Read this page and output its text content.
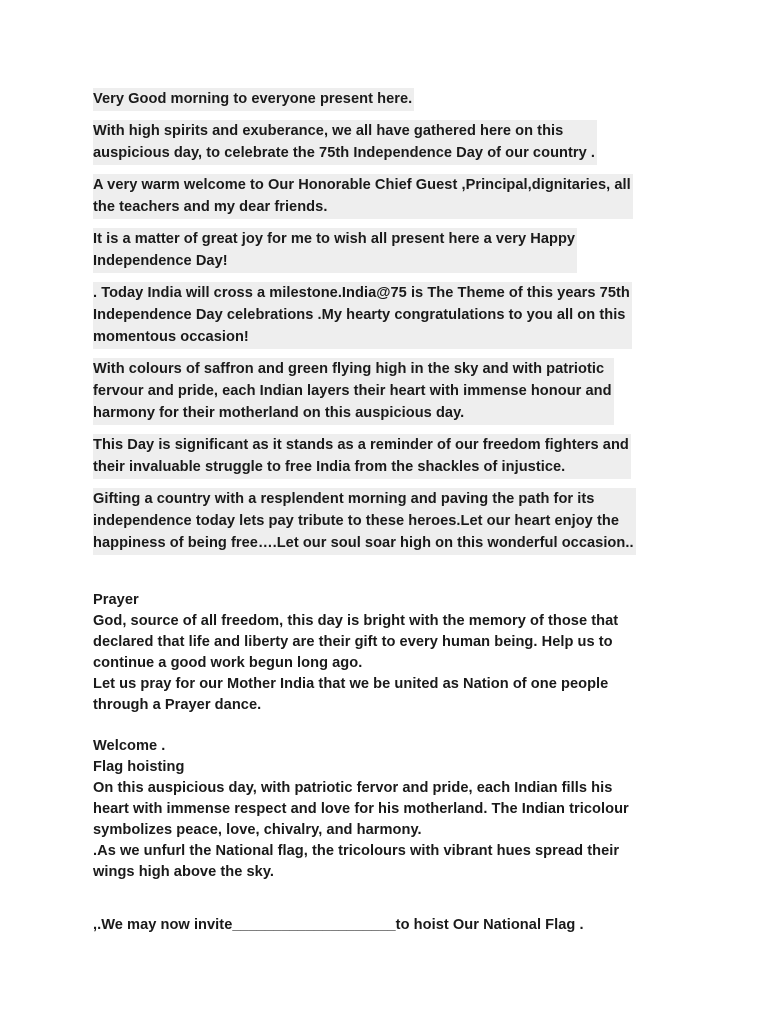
Very Good morning to everyone present here.
With high spirits and exuberance, we all have gathered here on this
auspicious day, to celebrate the 75th Independence Day of our country .
A very warm welcome to Our Honorable Chief Guest ,Principal,dignitaries, all
the teachers and my dear friends.
It is a matter of great joy for me to wish all present here a very Happy
Independence Day!
. Today India will cross a milestone.India@75 is The Theme of this years 75th
Independence Day celebrations .My hearty congratulations to you all on this
momentous occasion!
With colours of saffron and green flying high in the sky and with patriotic
fervour and pride, each Indian layers their heart with immense honour and
harmony for their motherland on this auspicious day.
This Day is significant as it stands as a reminder of our freedom fighters and
their invaluable struggle to free India from the shackles of injustice.
Gifting a country with a resplendent morning and paving the path for its
independence today lets pay tribute to these heroes.Let our heart enjoy the
happiness of being free….Let our soul soar high on this wonderful occasion..
Prayer
God, source of all freedom, this day is bright with the memory of those that
declared that life and liberty are their gift to every human being. Help us to
continue a good work begun long ago.
Let us pray for our Mother India that we be united as Nation of one people
through a Prayer dance.
Welcome .
Flag hoisting
On this auspicious day, with patriotic fervor and pride, each Indian fills his
heart with immense respect and love for his motherland. The Indian tricolour
symbolizes peace, love, chivalry, and harmony.
.As we unfurl the National flag, the tricolours with vibrant hues spread their
wings high above the sky.
,.We may now invite____________________to hoist Our National Flag .
